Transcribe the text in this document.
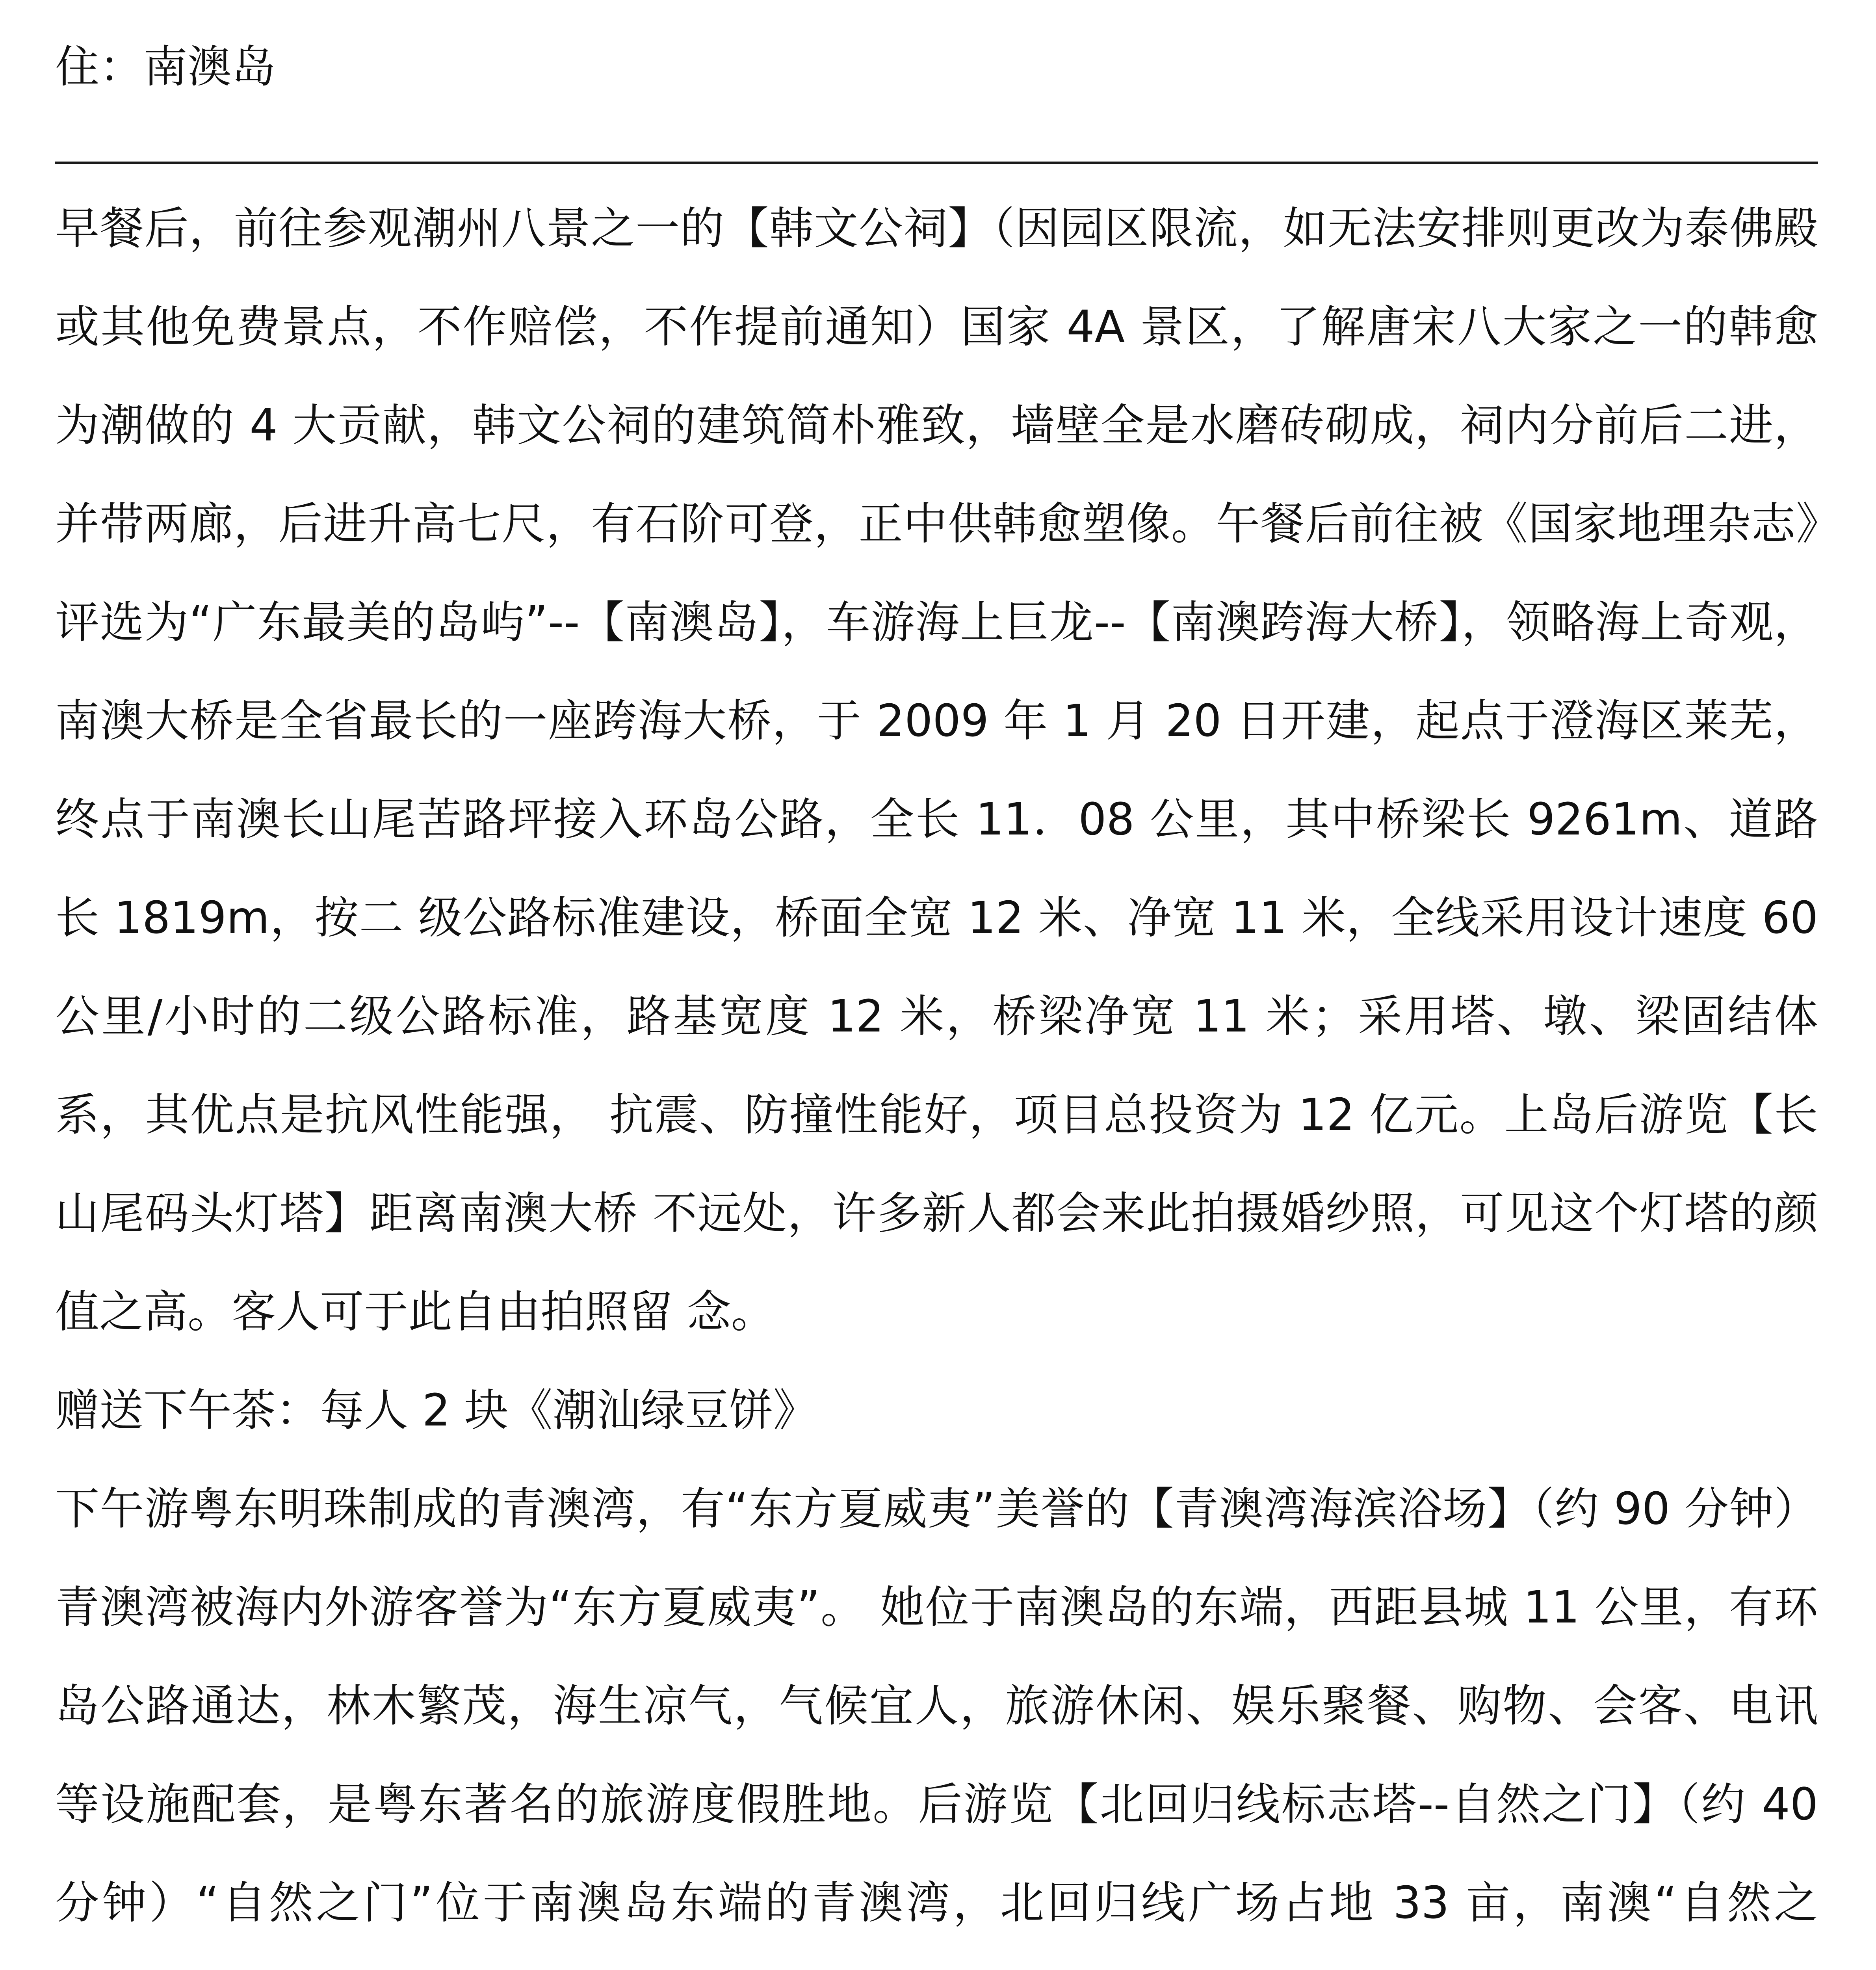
住：南澳岛

早餐后，前往参观潮州八景之一的【韩文公祠】（因园区限流，如无法安排则更改为泰佛殿或其他免费景点，不作赔偿，不作提前通知）国家 4A 景区，了解唐宋八大家之一的韩愈为潮做的 4 大贡献，韩文公祠的建筑简朴雅致，墙壁全是水磨砖砌成，祠内分前后二进，并带两廊，后进升高七尺，有石阶可登，正中供韩愈塑像。午餐后前往被《国家地理杂志》评选为“广东最美的岛屿”--【南澳岛】，车游海上巨龙--【南澳跨海大桥】，领略海上奇观，南澳大桥是全省最长的一座跨海大桥，于 2009 年 1 月 20 日开建，起点于澄海区莱芜，终点于南澳长山尾苦路坪接入环岛公路，全长 11．08 公里，其中桥梁长 9261m、道路 长 1819m，按二 级公路标准建设，桥面全宽 12 米、净宽 11 米，全线采用设计速度 60 公里/小时的二级公路标准，路基宽度 12 米，桥梁净宽 11 米；采用塔、墩、梁固结体系，其优点是抗风性能强， 抗震、防撞性能好，项目总投资为 12 亿元。上岛后游览【长山尾码头灯塔】距离南澳大桥 不远处，许多新人都会来此拍摄婚纱照，可见这个灯塔的颜值之高。客人可于此自由拍照留 念。

赠送下午茶：每人 2 块《潮汕绿豆饼》

下午游粤东明珠制成的青澳湾，有“东方夏威夷”美誉的【青澳湾海滨浴场】（约 90 分钟）青澳湾被海内外游客誉为“东方夏威夷”。 她位于南澳岛的东端，西距县城 11 公里，有环岛公路通达，林木繁茂，海生凉气，气候宜人，旅游休闲、娱乐聚餐、购物、会客、电讯等设施配套，是粤东著名的旅游度假胜地。后游览【北回归线标志塔--自然之门】（约 40 分钟）“自然之门”位于南澳岛东端的青澳湾，北回归线广场占地 33 亩，南澳“自然之
